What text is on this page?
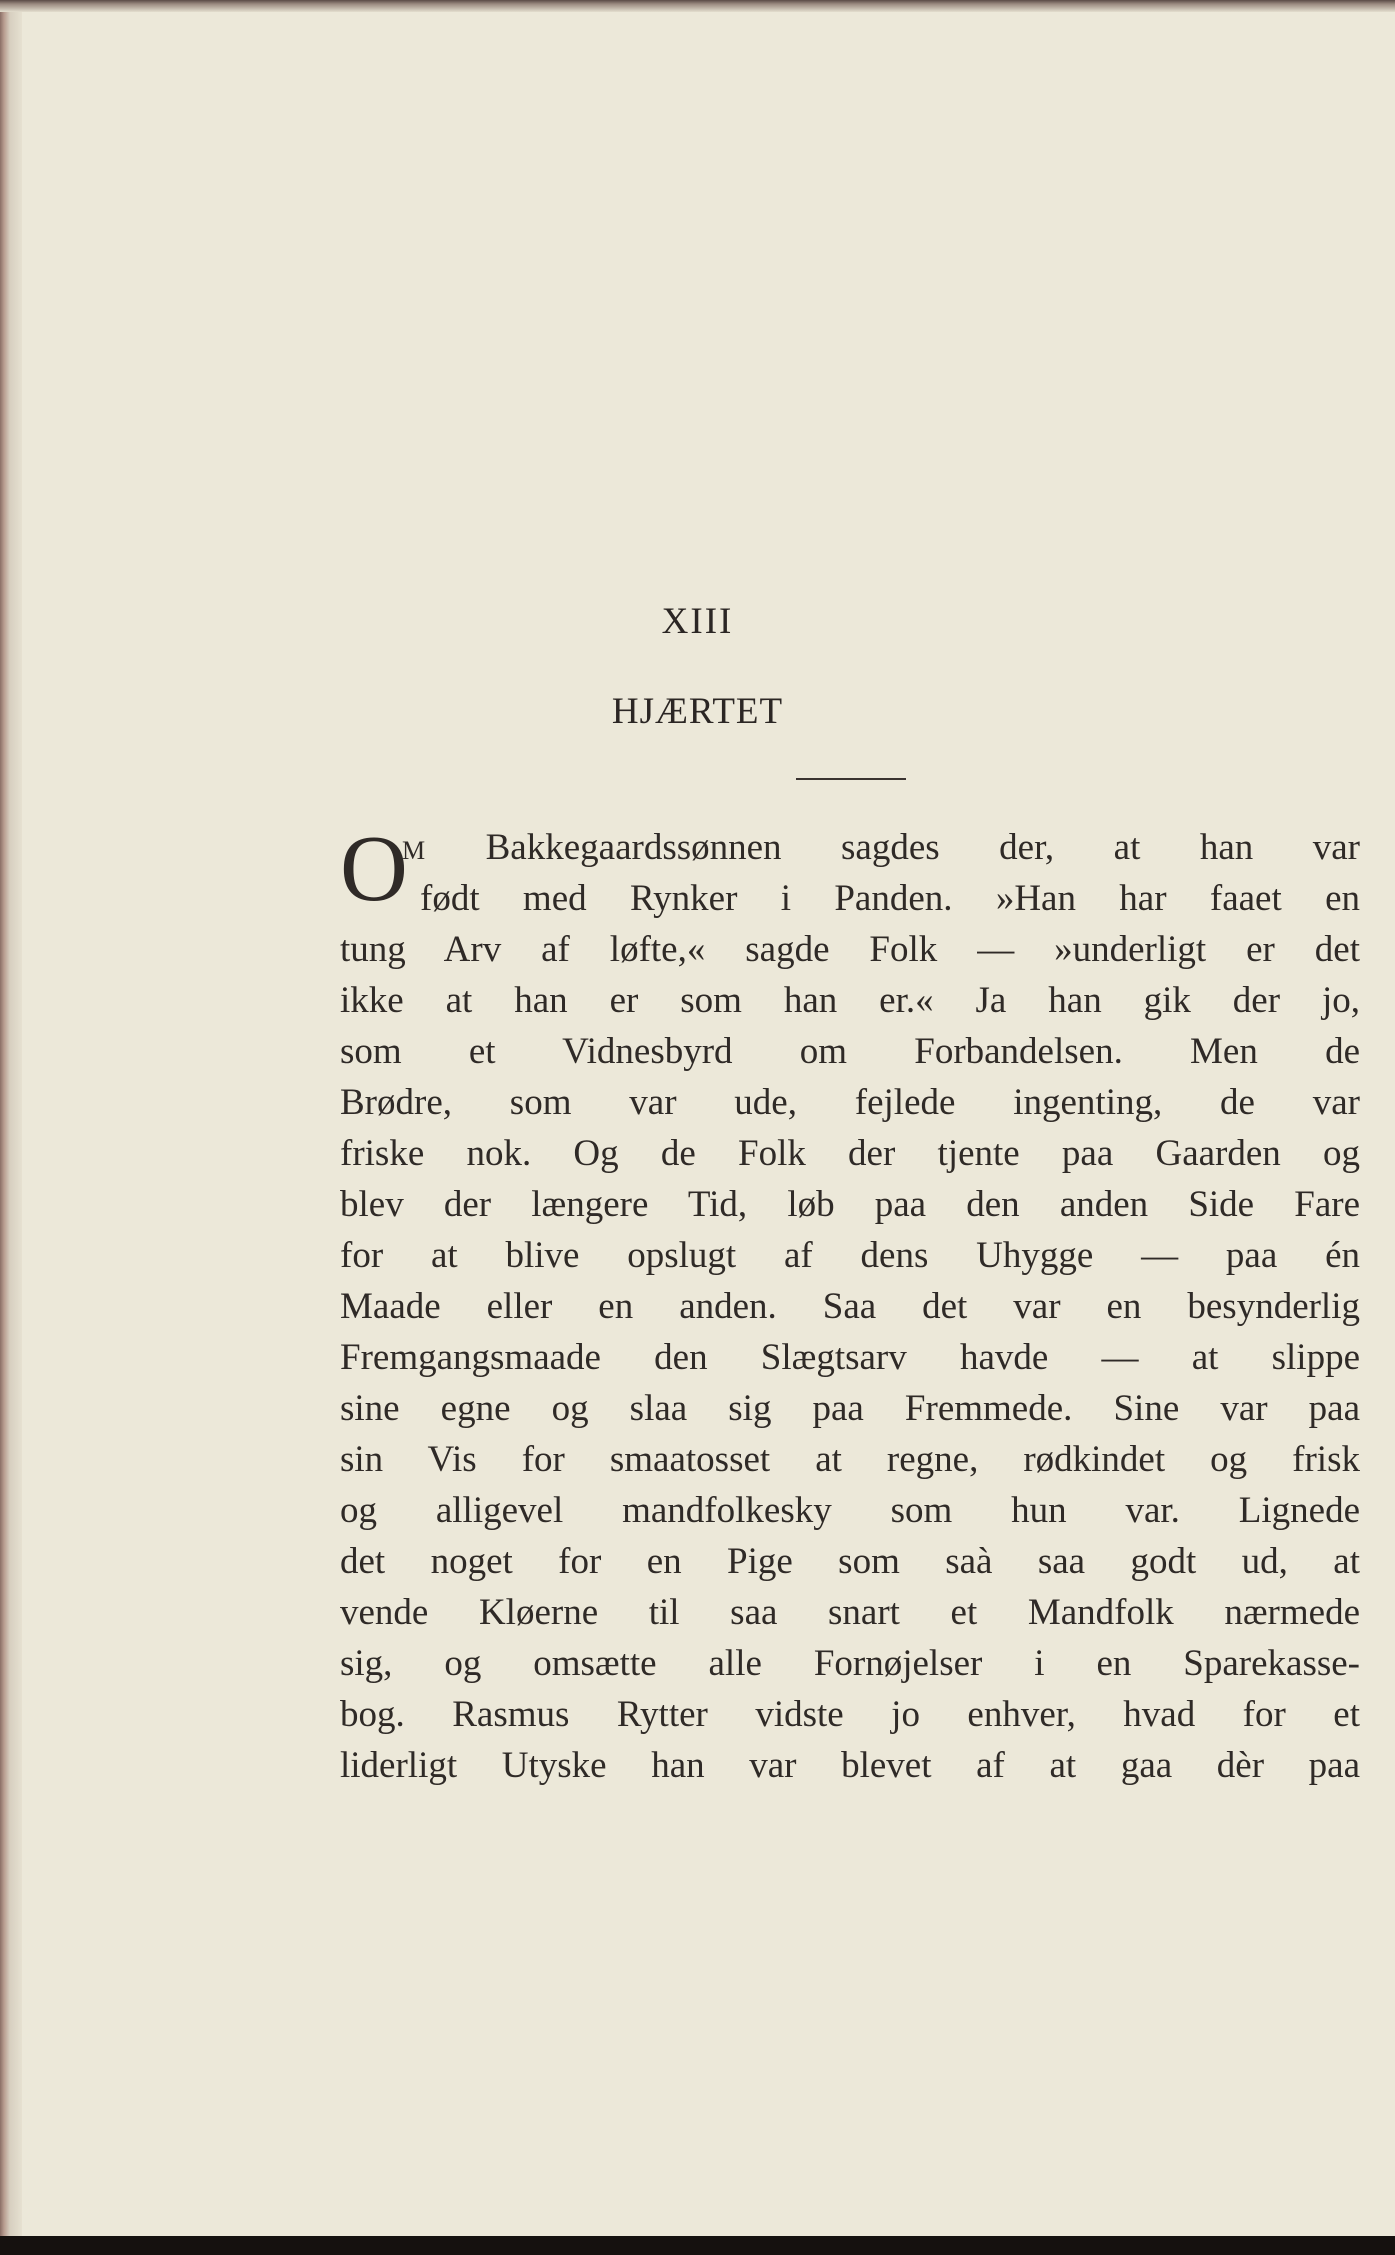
XIII
HJÆRTET
O
M Bakkegaardssønnen sagdes der, at han var
født med Rynker i Panden. »Han har faaet en
tung Arv af løfte,« sagde Folk — »underligt er det
ikke at han er som han er.« Ja han gik der jo,
som et Vidnesbyrd om Forbandelsen. Men de
Brødre, som var ude, fejlede ingenting, de var
friske nok. Og de Folk der tjente paa Gaarden og
blev der længere Tid, løb paa den anden Side Fare
for at blive opslugt af dens Uhygge — paa én
Maade eller en anden. Saa det var en besynderlig
Fremgangsmaade den Slægtsarv havde — at slippe
sine egne og slaa sig paa Fremmede. Sine var paa
sin Vis for smaatosset at regne, rødkindet og frisk
og alligevel mandfolkesky som hun var. Lignede
det noget for en Pige som saà saa godt ud, at
vende Kløerne til saa snart et Mandfolk nærmede
sig, og omsætte alle Fornøjelser i en Sparekasse-
bog. Rasmus Rytter vidste jo enhver, hvad for et
liderligt Utyske han var blevet af at gaa dèr paa
